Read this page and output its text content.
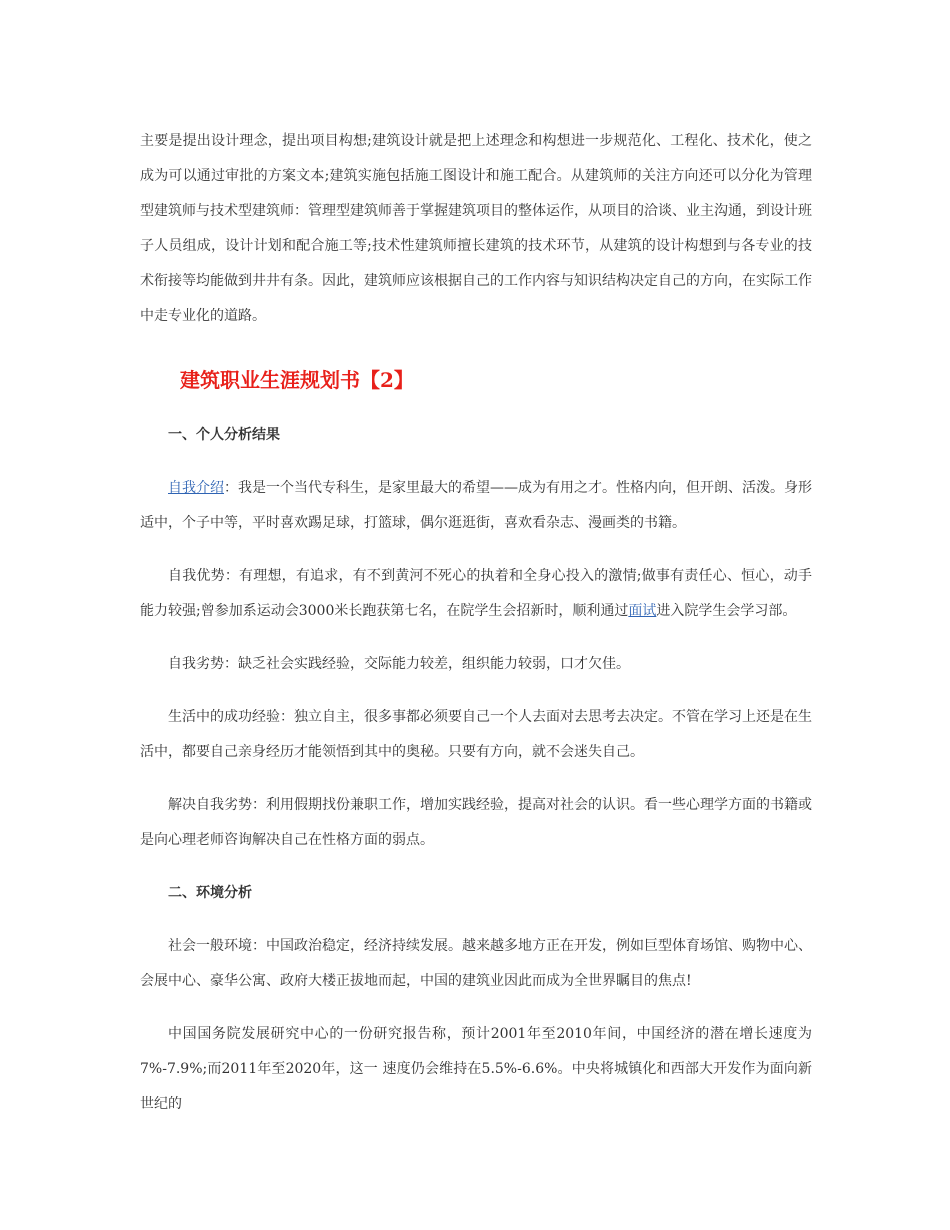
主要是提出设计理念，提出项目构想;建筑设计就是把上述理念和构想进一步规范化、工程化、技术化，使之成为可以通过审批的方案文本;建筑实施包括施工图设计和施工配合。从建筑师的关注方向还可以分化为管理型建筑师与技术型建筑师：管理型建筑师善于掌握建筑项目的整体运作，从项目的洽谈、业主沟通，到设计班子人员组成，设计计划和配合施工等;技术性建筑师擅长建筑的技术环节，从建筑的设计构想到与各专业的技术衔接等均能做到井井有条。因此，建筑师应该根据自己的工作内容与知识结构决定自己的方向，在实际工作中走专业化的道路。

建筑职业生涯规划书【2】

一、个人分析结果

自我介绍：我是一个当代专科生，是家里最大的希望——成为有用之才。性格内向，但开朗、活泼。身形适中，个子中等，平时喜欢踢足球，打篮球，偶尔逛逛街，喜欢看杂志、漫画类的书籍。

自我优势：有理想，有追求，有不到黄河不死心的执着和全身心投入的激情;做事有责任心、恒心，动手能力较强;曾参加系运动会3000米长跑获第七名，在院学生会招新时，顺利通过面试进入院学生会学习部。

自我劣势：缺乏社会实践经验，交际能力较差，组织能力较弱，口才欠佳。

生活中的成功经验：独立自主，很多事都必须要自己一个人去面对去思考去决定。不管在学习上还是在生活中，都要自己亲身经历才能领悟到其中的奥秘。只要有方向，就不会迷失自己。

解决自我劣势：利用假期找份兼职工作，增加实践经验，提高对社会的认识。看一些心理学方面的书籍或是向心理老师咨询解决自己在性格方面的弱点。

二、环境分析

社会一般环境：中国政治稳定，经济持续发展。越来越多地方正在开发，例如巨型体育场馆、购物中心、会展中心、豪华公寓、政府大楼正拔地而起，中国的建筑业因此而成为全世界瞩目的焦点!

中国国务院发展研究中心的一份研究报告称，预计2001年至2010年间，中国经济的潜在增长速度为7%-7.9%;而2011年至2020年，这一 速度仍会维持在5.5%-6.6%。中央将城镇化和西部大开发作为面向新世纪的
